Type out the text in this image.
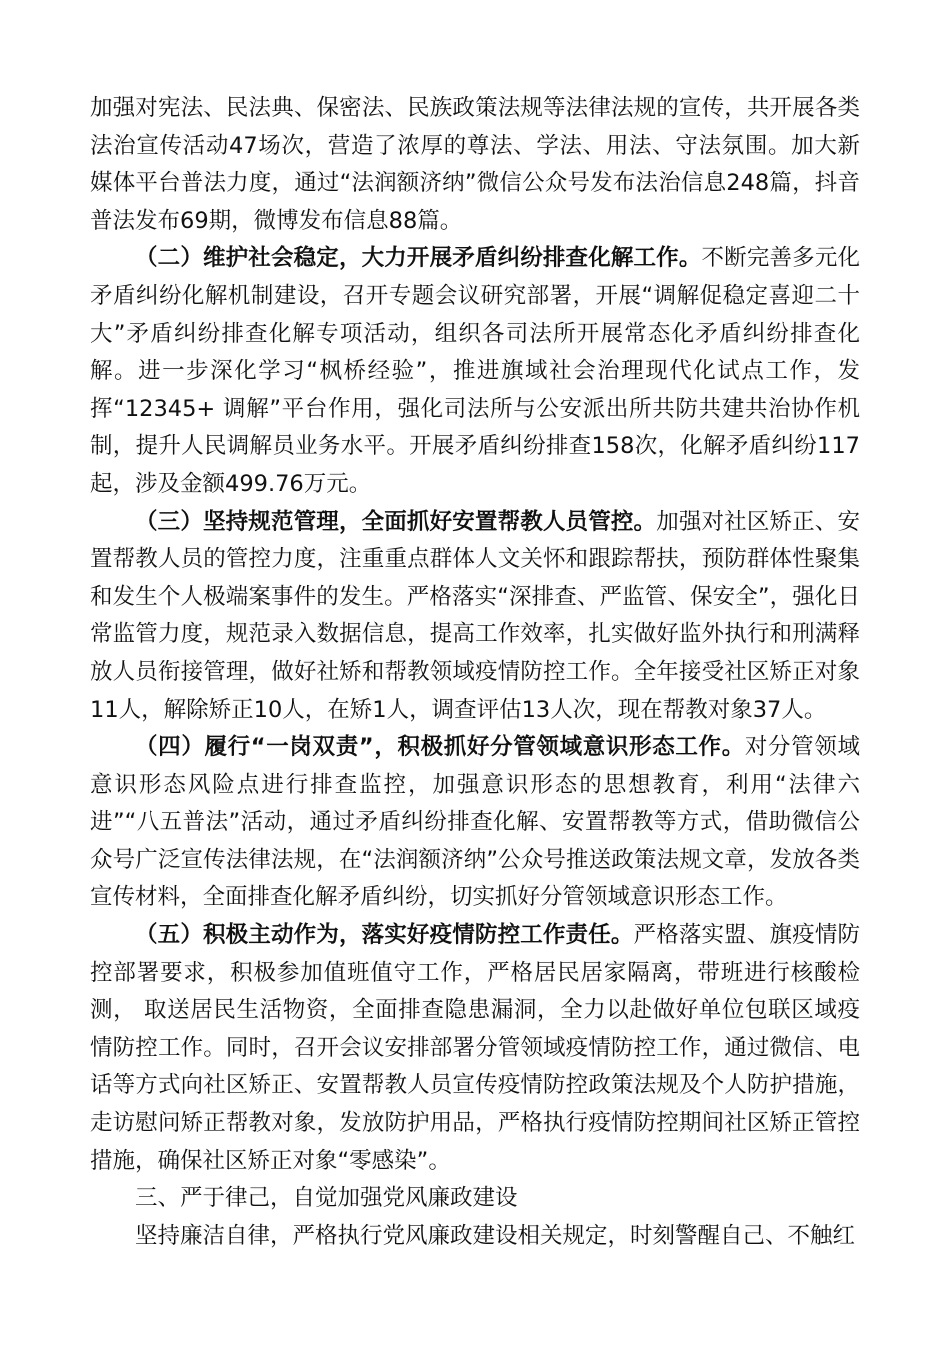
加强对宪法、民法典、保密法、民族政策法规等法律法规的宣传，共开展各类法治宣传活动47场次，营造了浓厚的尊法、学法、用法、守法氛围。加大新媒体平台普法力度，通过“法润额济纳”微信公众号发布法治信息248篇，抖音普法发布69期，微博发布信息88篇。

（二）维护社会稳定，大力开展矛盾纠纷排查化解工作。不断完善多元化矛盾纠纷化解机制建设，召开专题会议研究部署，开展“调解促稳定喜迎二十大”矛盾纠纷排查化解专项活动，组织各司法所开展常态化矛盾纠纷排查化解。进一步深化学习“枫桥经验”，推进旗域社会治理现代化试点工作，发挥“12345+ 调解”平台作用，强化司法所与公安派出所共防共建共治协作机制，提升人民调解员业务水平。开展矛盾纠纷排查158次，化解矛盾纠纷117起，涉及金额499.76万元。

（三）坚持规范管理，全面抓好安置帮教人员管控。加强对社区矫正、安置帮教人员的管控力度，注重重点群体人文关怀和跟踪帮扶，预防群体性聚集和发生个人极端案事件的发生。严格落实“深排查、严监管、保安全”，强化日常监管力度，规范录入数据信息，提高工作效率，扎实做好监外执行和刑满释放人员衔接管理，做好社矫和帮教领域疫情防控工作。全年接受社区矫正对象11人，解除矫正10人，在矫1人，调查评估13人次，现在帮教对象37人。

（四）履行“一岗双责”，积极抓好分管领域意识形态工作。对分管领域意识形态风险点进行排查监控，加强意识形态的思想教育，利用“法律六进”“八五普法”活动，通过矛盾纠纷排查化解、安置帮教等方式，借助微信公众号广泛宣传法律法规，在“法润额济纳”公众号推送政策法规文章，发放各类宣传材料，全面排查化解矛盾纠纷，切实抓好分管领域意识形态工作。

（五）积极主动作为，落实好疫情防控工作责任。严格落实盟、旗疫情防控部署要求，积极参加值班值守工作，严格居民居家隔离，带班进行核酸检测， 取送居民生活物资，全面排查隐患漏洞，全力以赴做好单位包联区域疫情防控工作。同时，召开会议安排部署分管领域疫情防控工作，通过微信、电话等方式向社区矫正、安置帮教人员宣传疫情防控政策法规及个人防护措施，走访慰问矫正帮教对象，发放防护用品，严格执行疫情防控期间社区矫正管控措施，确保社区矫正对象“零感染”。

三、严于律己，自觉加强党风廉政建设

坚持廉洁自律，严格执行党风廉政建设相关规定，时刻警醒自己、不触红
